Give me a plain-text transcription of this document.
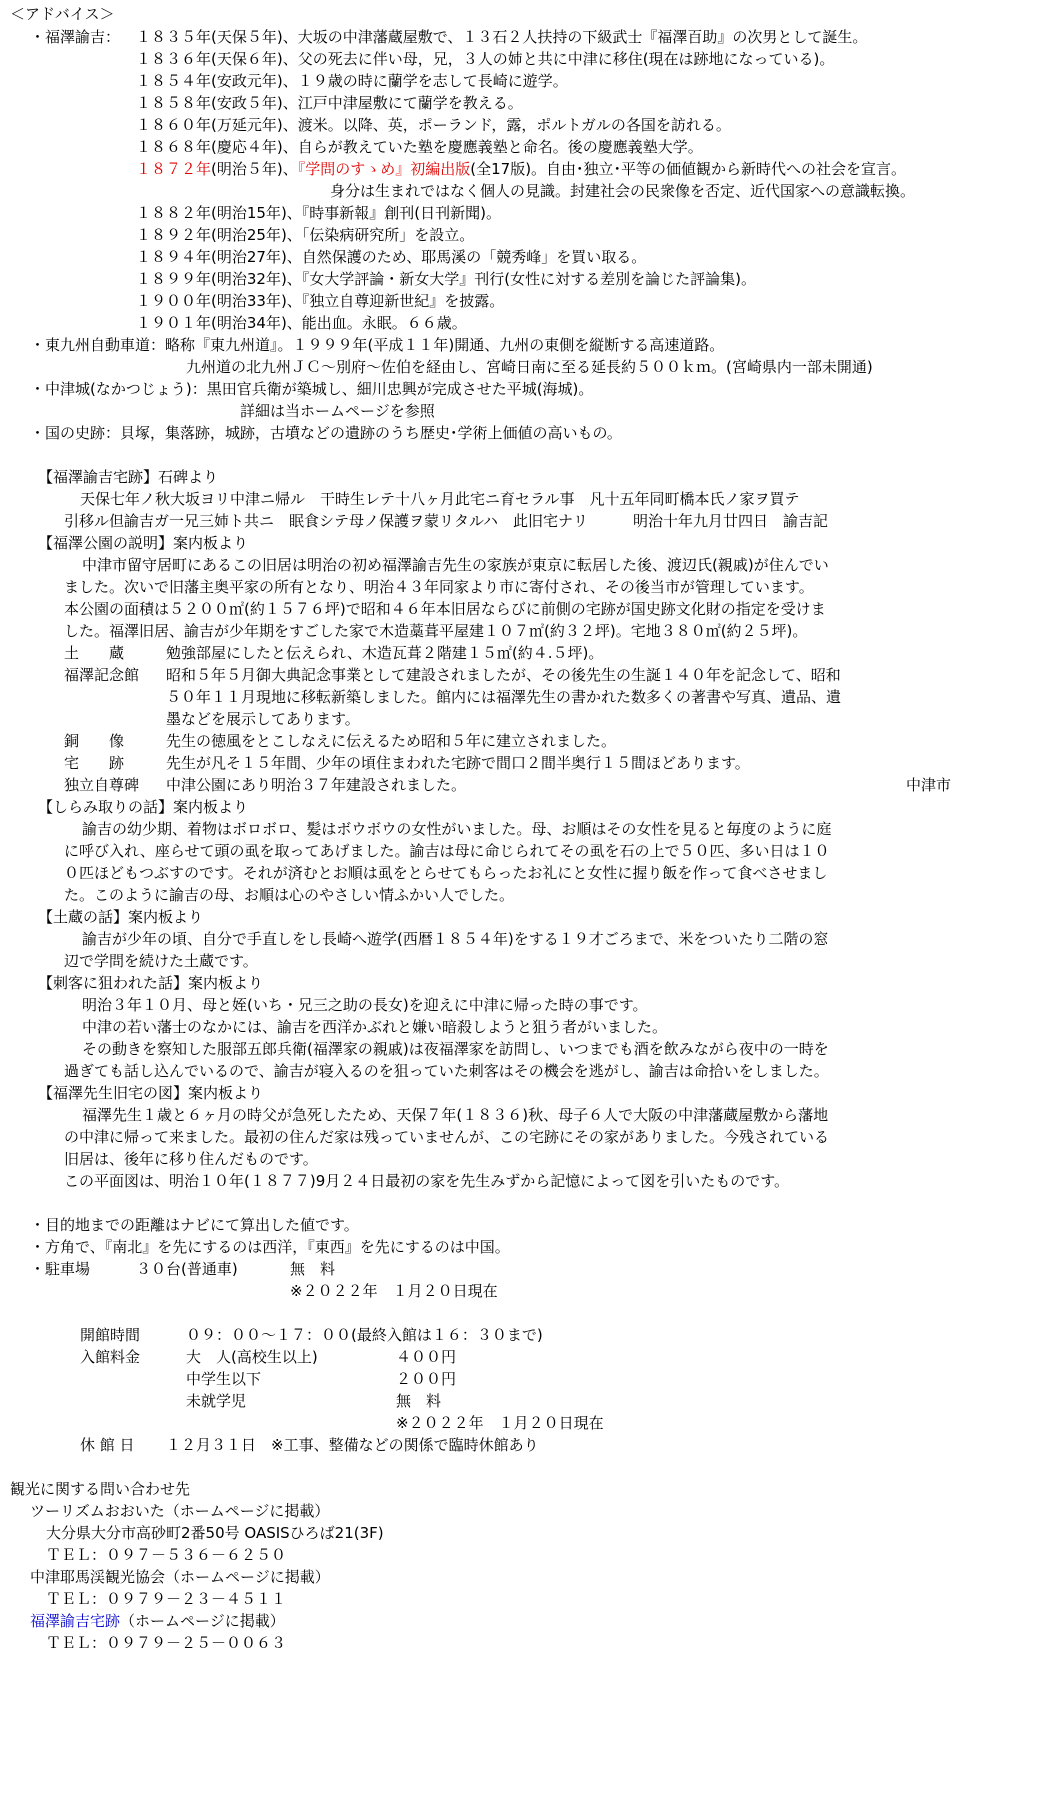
＜アドバイス＞
・福澤諭吉： １８３５年(天保５年)、大坂の中津藩蔵屋敷で、１３石２人扶持の下級武士『福澤百助』の次男として誕生。
１８３６年(天保６年)、父の死去に伴い母，兄，３人の姉と共に中津に移住(現在は跡地になっている)。
１８５４年(安政元年)、１９歳の時に蘭学を志して長崎に遊学。
１８５８年(安政５年)、江戸中津屋敷にて蘭学を教える。
１８６０年(万延元年)、渡米。以降、英，ポーランド，露，ポルトガルの各国を訪れる。
１８６８年(慶応４年)、自らが教えていた塾を慶應義塾と命名。後の慶應義塾大学。
１８７２年(明治５年)、『学問のすゝめ』初編出版(全17版)。自由･独立･平等の価値観から新時代への社会を宣言。
身分は生まれではなく個人の見識。封建社会の民衆像を否定、近代国家への意識転換。
１８８２年(明治15年)、『時事新報』創刊(日刊新聞)。
１８９２年(明治25年)、「伝染病研究所」を設立。
１８９４年(明治27年)、自然保護のため、耶馬溪の「競秀峰」を買い取る。
１８９９年(明治32年)、『女大学評論・新女大学』刊行(女性に対する差別を論じた評論集)。
１９００年(明治33年)、『独立自尊迎新世紀』を披露。
１９０１年(明治34年)、能出血。永眠。６６歳。
・東九州自動車道：略称『東九州道』。１９９９年(平成１１年)開通、九州の東側を縦断する高速道路。
九州道の北九州ＪＣ～別府～佐伯を経由し、宮崎日南に至る延長約５００ｋｍ。(宮崎県内一部未開通)
・中津城(なかつじょう)：黒田官兵衛が築城し、細川忠興が完成させた平城(海城)。
詳細は当ホームページを参照
・国の史跡：貝塚，集落跡，城跡，古墳などの遺跡のうち歴史･学術上価値の高いもの。
【福澤諭吉宅跡】石碑より
天保七年ノ秋大坂ヨリ中津ニ帰ル　干時生レテ十八ヶ月此宅ニ育セラル事　凡十五年同町橋本氏ノ家ヲ買テ
引移ル但諭吉ガ一兄三姉ト共ニ　眠食シテ母ノ保護ヲ蒙リタルハ　此旧宅ナリ　　　明治十年九月廿四日　諭吉記
【福澤公園の説明】案内板より
中津市留守居町にあるこの旧居は明治の初め福澤諭吉先生の家族が東京に転居した後、渡辺氏(親戚)が住んでい
ました。次いで旧藩主奥平家の所有となり、明治４３年同家より市に寄付され、その後当市が管理しています。
本公園の面積は５２００㎡(約１５７６坪)で昭和４６年本旧居ならびに前側の宅跡が国史跡文化財の指定を受けま
した。福澤旧居、諭吉が少年期をすごした家で木造藁葺平屋建１０７㎡(約３２坪)。宅地３８０㎡(約２５坪)。
土　　蔵	勉強部屋にしたと伝えられ、木造瓦葺２階建１５㎡(約４.５坪)。
福澤記念館 昭和５年５月御大典記念事業として建設されましたが、その後先生の生誕１４０年を記念して、昭和
５０年１１月現地に移転新築しました。館内には福澤先生の書かれた数多くの著書や写真、遺品、遺
墨などを展示してあります。
銅　　像	先生の徳風をとこしなえに伝えるため昭和５年に建立されました。
宅　　跡	先生が凡そ１５年間、少年の頃住まわれた宅跡で間口２間半奥行１５間ほどあります。
独立自尊碑 中津公園にあり明治３７年建設されました。	中津市
【しらみ取りの話】案内板より
諭吉の幼少期、着物はボロボロ、髪はボウボウの女性がいました。母、お順はその女性を見ると毎度のように庭
に呼び入れ、座らせて頭の虱を取ってあげました。諭吉は母に命じられてその虱を石の上で５０匹、多い日は１０
０匹ほどもつぶすのです。それが済むとお順は虱をとらせてもらったお礼にと女性に握り飯を作って食べさせまし
た。このように諭吉の母、お順は心のやさしい情ふかい人でした。
【土蔵の話】案内板より
諭吉が少年の頃、自分で手直しをし長崎へ遊学(西暦１８５４年)をする１９才ごろまで、米をついたり二階の窓
辺で学問を続けた土蔵です。
【刺客に狙われた話】案内板より
明治３年１０月、母と姪(いち・兄三之助の長女)を迎えに中津に帰った時の事です。
中津の若い藩士のなかには、諭吉を西洋かぶれと嫌い暗殺しようと狙う者がいました。
その動きを察知した服部五郎兵衛(福澤家の親戚)は夜福澤家を訪問し、いつまでも酒を飲みながら夜中の一時を
過ぎても話し込んでいるので、諭吉が寝入るのを狙っていた刺客はその機会を逃がし、諭吉は命拾いをしました。
【福澤先生旧宅の図】案内板より
福澤先生１歳と６ヶ月の時父が急死したため、天保７年(１８３６)秋、母子６人で大阪の中津藩蔵屋敷から藩地
の中津に帰って来ました。最初の住んだ家は残っていませんが、この宅跡にその家がありました。今残されている
旧居は、後年に移り住んだものです。
この平面図は、明治１０年(１８７７)9月２４日最初の家を先生みずから記憶によって図を引いたものです。
・目的地までの距離はナビにて算出した値です。
・方角で、『南北』を先にするのは西洋，『東西』を先にするのは中国。
・駐車場	３０台(普通車)	無　料
※２０２２年　１月２０日現在
開館時間	０９：００～１７：００(最終入館は１６：３０まで)
入館料金	大　人(高校生以上)	４００円
中学生以下	２００円
未就学児	無　料
※２０２２年　１月２０日現在
休 館 日 １２月３１日　※工事、整備などの関係で臨時休館あり
観光に関する問い合わせ先
ツーリズムおおいた（ホームページに掲載）
大分県大分市高砂町2番50号 OASISひろば21(3F)
ＴＥＬ：０９７－５３６－６２５０
中津耶馬渓観光協会（ホームページに掲載）
ＴＥＬ：０９７９－２３－４５１１
福澤諭吉宅跡（ホームページに掲載）
ＴＥＬ：０９７９－２５－００６３
